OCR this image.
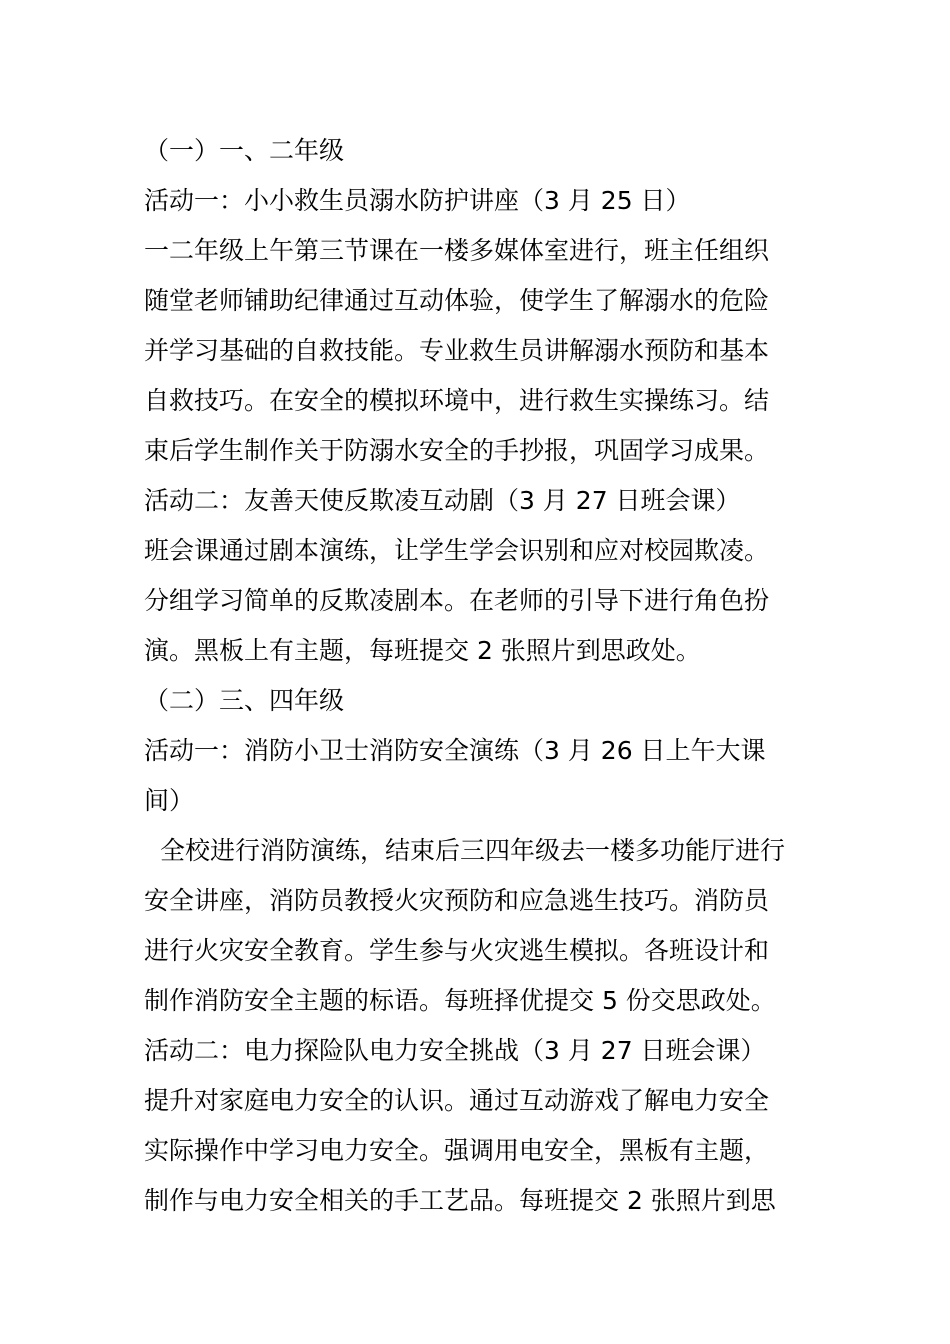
（一）一、二年级
活动一：小小救生员溺水防护讲座（3 月 25 日）
一二年级上午第三节课在一楼多媒体室进行，班主任组织
随堂老师铺助纪律通过互动体验，使学生了解溺水的危险
并学习基础的自救技能。专业救生员讲解溺水预防和基本
自救技巧。在安全的模拟环境中，进行救生实操练习。结
束后学生制作关于防溺水安全的手抄报，巩固学习成果。
活动二：友善天使反欺凌互动剧（3 月 27 日班会课）
班会课通过剧本演练，让学生学会识别和应对校园欺凌。
分组学习简单的反欺凌剧本。在老师的引导下进行角色扮
演。黑板上有主题，每班提交 2 张照片到思政处。
（二）三、四年级
活动一：消防小卫士消防安全演练（3 月 26 日上午大课
间）
全校进行消防演练，结束后三四年级去一楼多功能厅进行
安全讲座，消防员教授火灾预防和应急逃生技巧。消防员
进行火灾安全教育。学生参与火灾逃生模拟。各班设计和
制作消防安全主题的标语。每班择优提交 5 份交思政处。
活动二：电力探险队电力安全挑战（3 月 27 日班会课）
提升对家庭电力安全的认识。通过互动游戏了解电力安全
实际操作中学习电力安全。强调用电安全，黑板有主题，
制作与电力安全相关的手工艺品。每班提交 2 张照片到思
